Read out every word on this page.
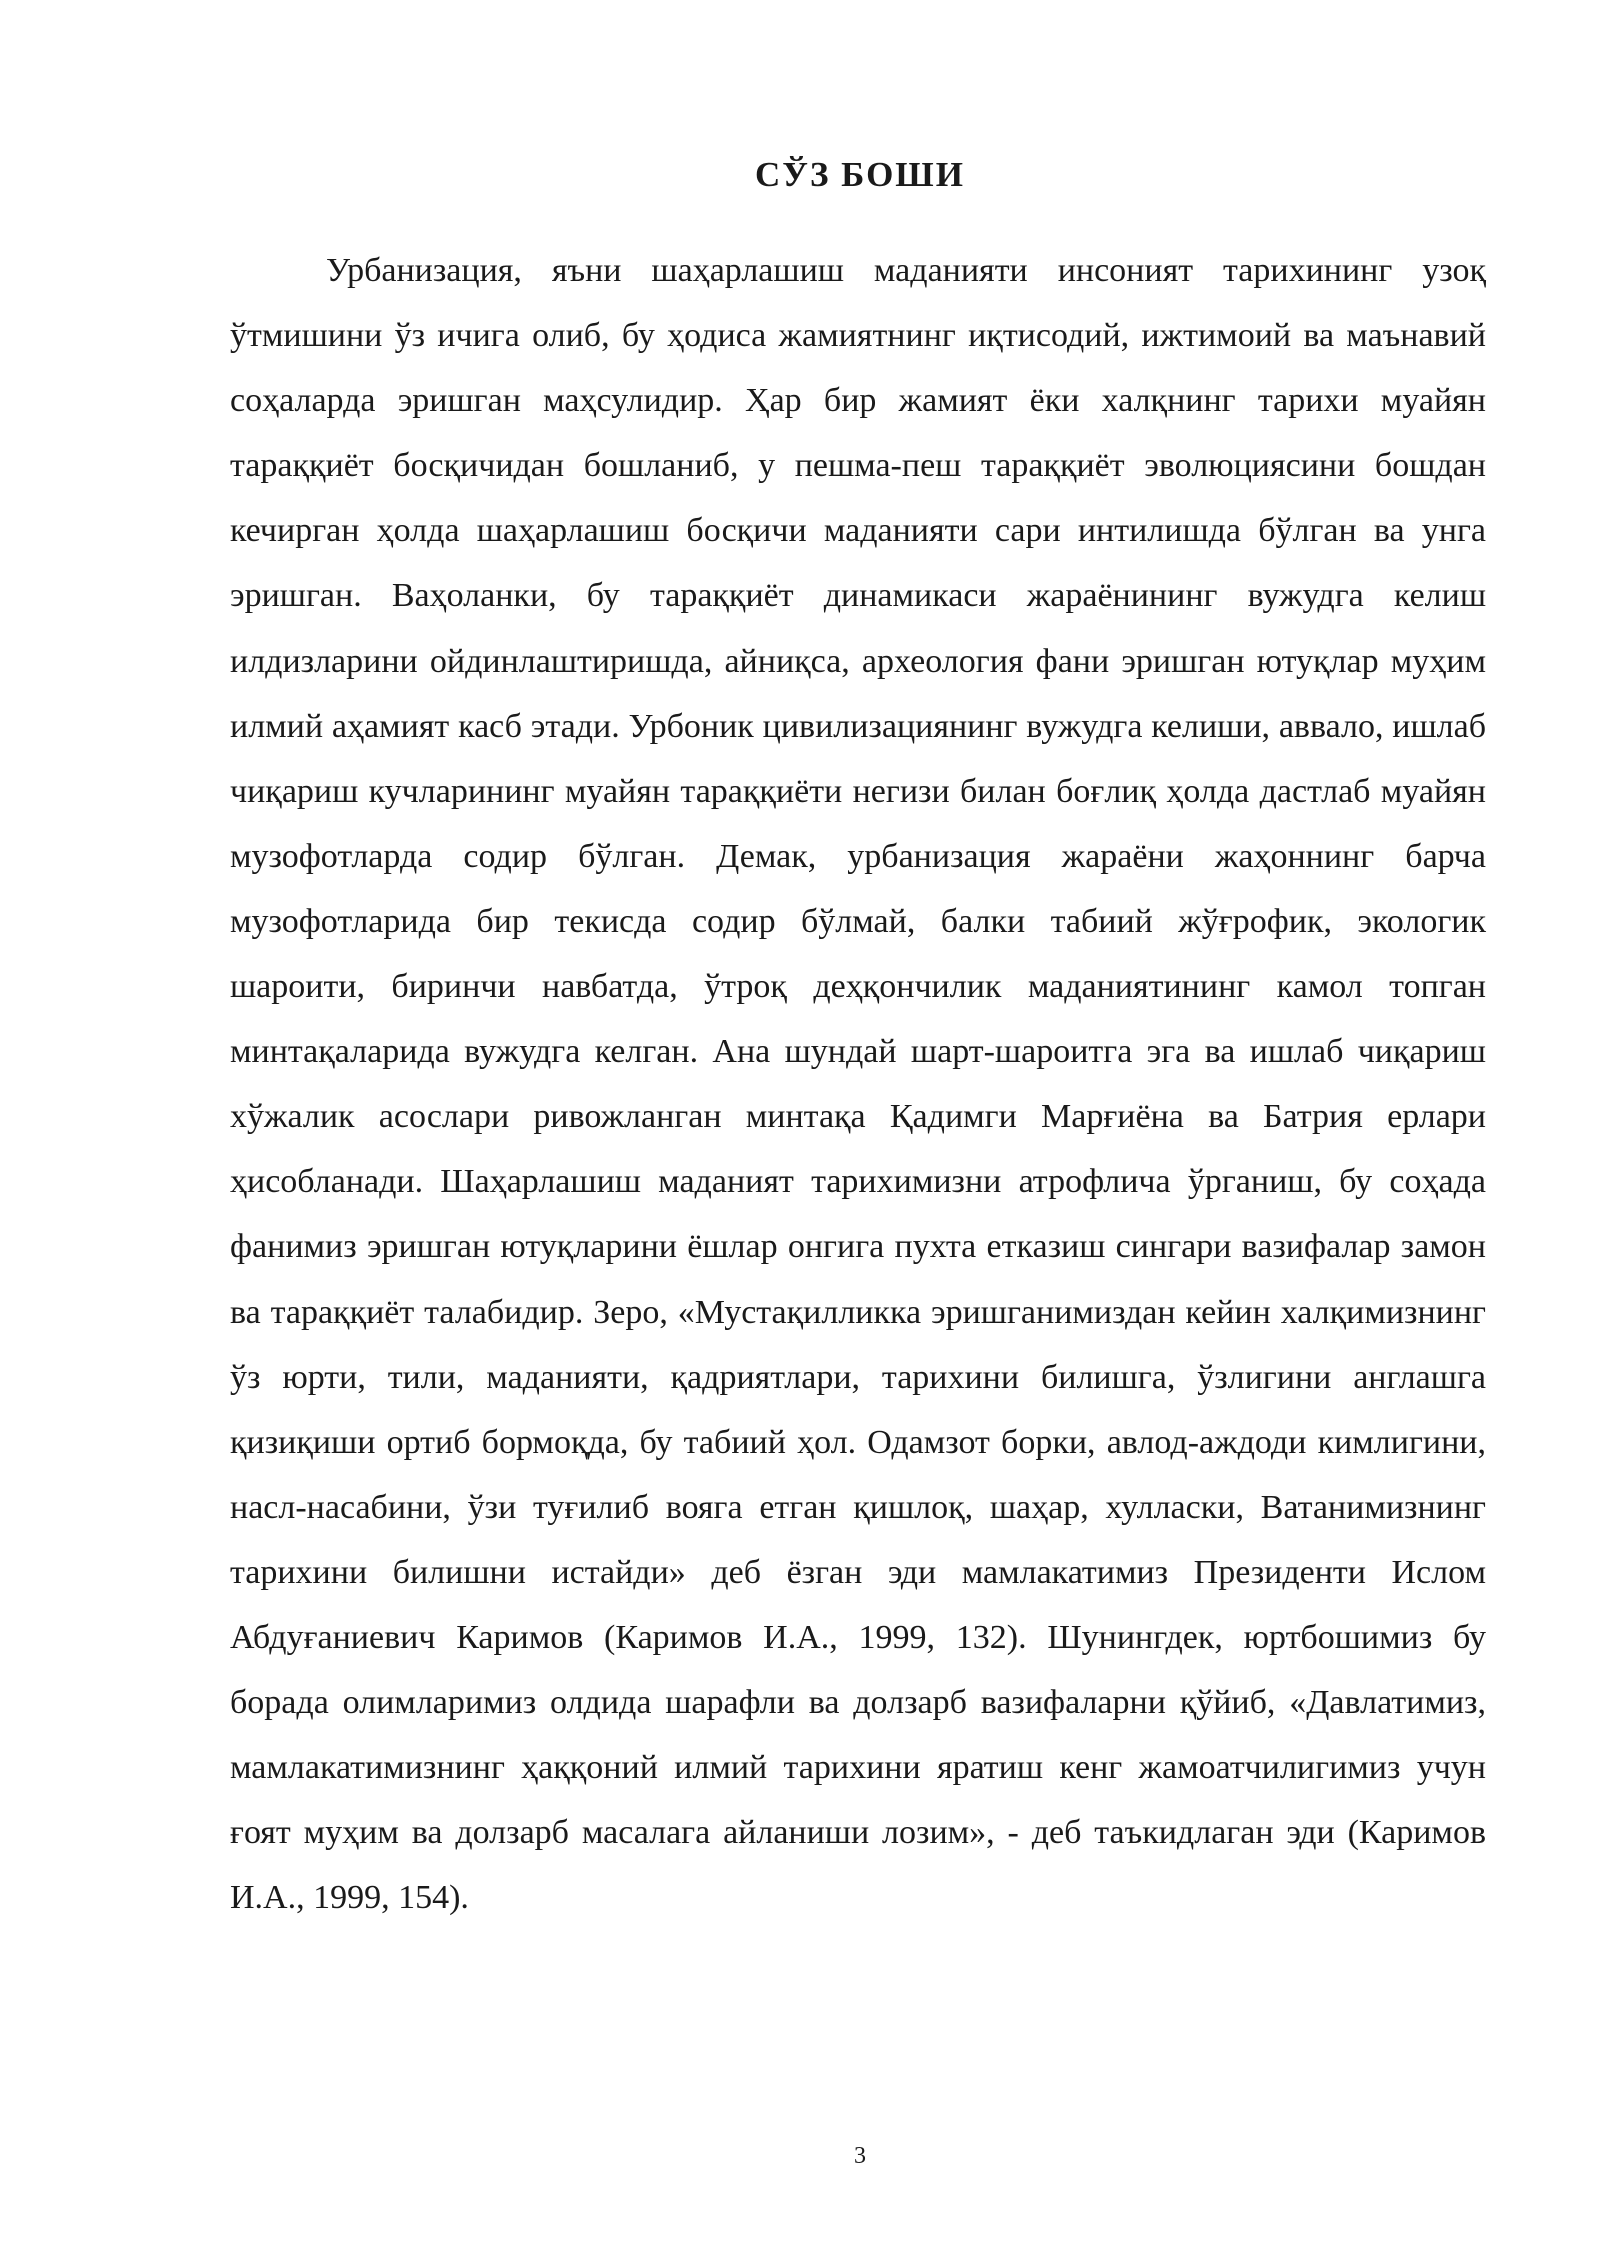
СЎЗ БОШИ

Урбанизация, яъни шаҳарлашиш маданияти инсоният тарихининг узоқ ўтмишини ўз ичига олиб, бу ҳодиса жамиятнинг иқтисодий, ижтимоий ва маънавий соҳаларда эришган маҳсулидир. Ҳар бир жамият ёки халқнинг тарихи муайян тараққиёт босқичидан бошланиб, у пешма-пеш тараққиёт эволюциясини бошдан кечирган ҳолда шаҳарлашиш босқичи маданияти сари интилишда бўлган ва унга эришган. Ваҳоланки, бу тараққиёт динамикаси жараёнининг вужудга келиш илдизларини ойдинлаштиришда, айниқса, археология фани эришган ютуқлар муҳим илмий аҳамият касб этади. Урбоник цивилизациянинг вужудга келиши, аввало, ишлаб чиқариш кучларининг муайян тараққиёти негизи билан боғлиқ ҳолда дастлаб муайян музофотларда содир бўлган. Демак, урбанизация жараёни жаҳоннинг барча музофотларида бир текисда содир бўлмай, балки табиий жўғрофик, экологик шароити, биринчи навбатда, ўтроқ деҳқончилик маданиятининг камол топган минтақаларида вужудга келган. Ана шундай шарт-шароитга эга ва ишлаб чиқариш хўжалик асослари ривожланган минтақа Қадимги Марғиёна ва Батрия ерлари ҳисобланади. Шаҳарлашиш маданият тарихимизни атрофлича ўрганиш, бу соҳада фанимиз эришган ютуқларини ёшлар онгига пухта етказиш сингари вазифалар замон ва тараққиёт талабидир. Зеро, «Мустақилликка эришганимиздан кейин халқимизнинг ўз юрти, тили, маданияти, қадриятлари, тарихини билишга, ўзлигини англашга қизиқиши ортиб бормоқда, бу табиий ҳол. Одамзот борки, авлод-аждоди кимлигини, насл-насабини, ўзи туғилиб вояга етган қишлоқ, шаҳар, хулласки, Ватанимизнинг тарихини билишни истайди» деб ёзган эди мамлакатимиз Президенти Ислом Абдуғаниевич Каримов (Каримов И.А., 1999, 132). Шунингдек, юртбошимиз бу борада олимларимиз олдида шарафли ва долзарб вазифаларни қўйиб, «Давлатимиз, мамлакатимизнинг ҳаққоний илмий тарихини яратиш кенг жамоатчилигимиз учун ғоят муҳим ва долзарб масалага айланиши лозим», - деб таъкидлаган эди (Каримов И.А., 1999, 154).

3
